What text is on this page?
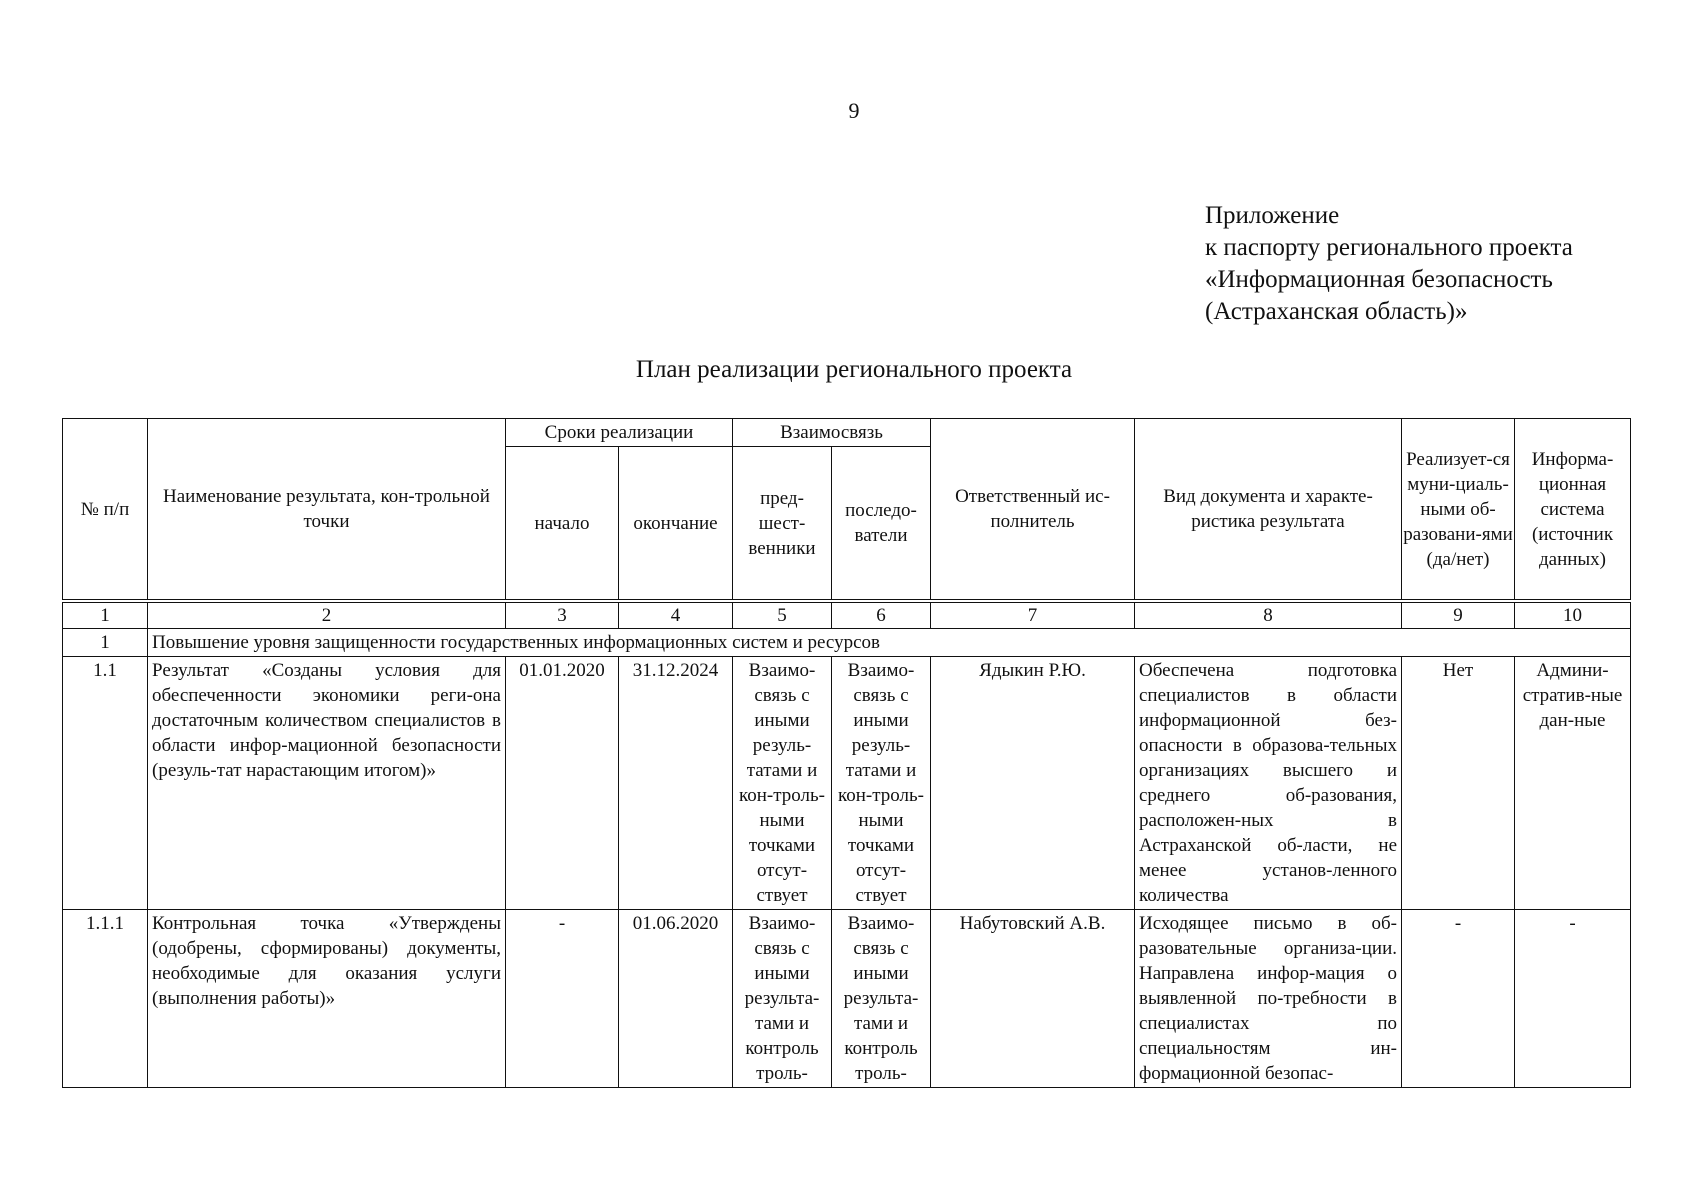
9
Приложение
к паспорту регионального проекта
«Информационная безопасность
(Астраханская область)»
План реализации регионального проекта
№ п/п	Наименование результата, кон-трольной точки	Сроки реализации		Взаимосвязь		Ответственный ис-полнитель	Вид документа и характе-ристика результата	Реализует-ся муни-циаль-ными об-разовани-ями (да/нет)	Информа-ционная система (источник данных)
		начало	окончание	пред-шест-венники	последо-ватели				

1	2	3	4	5	6	7	8	9	10
1	Повышение уровня защищенности государственных информационных систем и ресурсов								
1.1	Результат «Созданы условия для обеспеченности экономики реги-она достаточным количеством специалистов в области инфор-мационной безопасности (резуль-тат нарастающим итогом)»	01.01.2020	31.12.2024	Взаимо-связь с иными резуль-татами и кон-троль-ными точками отсут-ствует	Взаимо-связь с иными резуль-татами и кон-троль-ными точками отсут-ствует	Ядыкин Р.Ю.	Обеспечена подготовка специалистов в области информационной без-опасности в образова-тельных организациях высшего и среднего об-разования, расположен-ных в Астраханской об-ласти, не менее установ-ленного количества	Нет	Админи-стратив-ные дан-ные
1.1.1	Контрольная точка «Утверждены (одобрены, сформированы) документы, необходимые для оказания услуги (выполнения работы)»	-	01.06.2020	Взаимо-связь с иными результа-тами и контроль троль-	Взаимо-связь с иными результа-тами и контроль троль-	Набутовский А.В.	Исходящее письмо в об-разовательные организа-ции. Направлена инфор-мация о выявленной по-требности в специалистах по специальностям ин-формационной безопас-	-	-
